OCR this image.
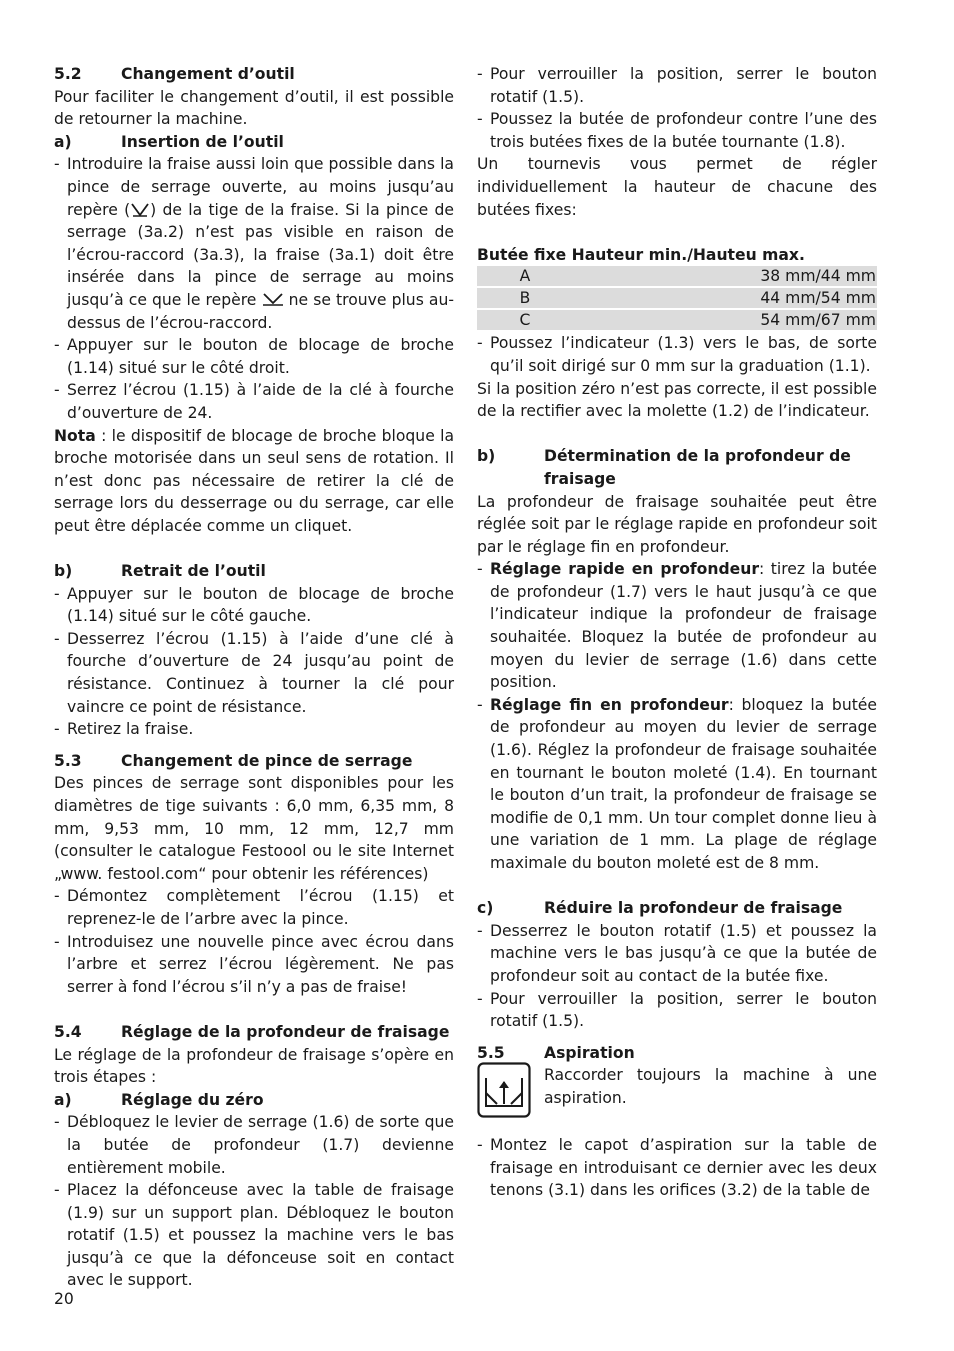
5.2	Changement d’outil

Pour faciliter le changement d’outil, il est possible de retourner la machine.

a)	Insertion de l’outil
- Introduire la fraise aussi loin que possible dans la pince de serrage ouverte, au moins jusqu’au repère ( ) de la tige de la fraise. Si la pince de serrage (3a.2) n’est pas visible en raison de l’écrou-raccord (3a.3), la fraise (3a.1) doit être insérée dans la pince de serrage au moins jusqu’à ce que le repère  ne se trouve plus au-dessus de l’écrou-raccord.
- Appuyer sur le bouton de blocage de broche (1.14) situé sur le côté droit.
- Serrez l’écrou (1.15) à l’aide de la clé à fourche d’ouverture de 24.

Nota : le dispositif de blocage de broche bloque la broche motorisée dans un seul sens de rotation. Il n’est donc pas nécessaire de retirer la clé de serrage lors du desserrage ou du serrage, car elle peut être déplacée comme un cliquet.

b)	Retrait de l’outil
- Appuyer sur le bouton de blocage de broche (1.14) situé sur le côté gauche.
- Desserrez l’écrou (1.15) à l’aide d’une clé à fourche d’ouverture de 24 jusqu’au point de résistance. Continuez à tourner la clé pour vaincre ce point de résistance.
- Retirez la fraise.
5.3	Changement de pince de serrage

Des pinces de serrage sont disponibles pour les diamètres de tige suivants : 6,0 mm, 6,35 mm, 8 mm, 9,53 mm, 10 mm, 12 mm, 12,7 mm (consulter le catalogue Festoool ou le site Internet „www. festool.com“ pour obtenir les références)

- Démontez complètement l’écrou (1.15) et reprenez-le de l’arbre avec la pince.
- Introduisez une nouvelle pince avec écrou dans l’arbre et serrez l’écrou légèrement. Ne pas serrer à fond l’écrou s’il n’y a pas de fraise!
5.4	Réglage de la profondeur de fraisage

Le réglage de la profondeur de fraisage s’opère en trois étapes :

a)	Réglage du zéro
- Débloquez le levier de serrage (1.6) de sorte que la butée de profondeur (1.7) devienne entièrement mobile.
- Placez la défonceuse avec la table de fraisage (1.9) sur un support plan. Débloquez le bouton rotatif (1.5) et poussez la machine vers le bas jusqu’à ce que la défonceuse soit en contact avec le support.
- Pour verrouiller la position, serrer le bouton rotatif (1.5).
- Poussez la butée de profondeur contre l’une des trois butées fixes de la butée tournante (1.8).

Un tournevis vous permet de régler individuellement la hauteur de chacune des butées fixes:

Butée fixe Hauteur min./Hauteu max.

A	38 mm/44 mm
B	44 mm/54 mm
C	54 mm/67 mm
- Poussez l’indicateur (1.3) vers le bas, de sorte qu’il soit dirigé sur 0 mm sur la graduation (1.1).

Si la position zéro n’est pas correcte, il est possible de la rectifier avec la molette (1.2) de l’indicateur.

b)	Détermination de la profondeur de fraisage

La profondeur de fraisage souhaitée peut être réglée soit par le réglage rapide en profondeur soit par le réglage fin en profondeur.

- Réglage rapide en profondeur: tirez la butée de profondeur (1.7) vers le haut jusqu’à ce que l’indicateur indique la profondeur de fraisage souhaitée. Bloquez la butée de profondeur au moyen du levier de serrage (1.6) dans cette position.
- Réglage fin en profondeur: bloquez la butée de profondeur au moyen du levier de serrage (1.6). Réglez la profondeur de fraisage souhaitée en tournant le bouton moleté (1.4). En tournant le bouton d’un trait, la profondeur de fraisage se modifie de 0,1 mm. Un tour complet donne lieu à une variation de 1 mm. La plage de réglage maximale du bouton moleté est de 8 mm.
c)	Réduire la profondeur de fraisage
- Desserrez le bouton rotatif (1.5) et poussez la machine vers le bas jusqu’à ce que la butée de profondeur soit au contact de la butée fixe.
- Pour verrouiller la position, serrer le bouton rotatif (1.5).
5.5	Aspiration

Raccorder toujours la machine à une aspiration.

- Montez le capot d’aspiration sur la table de fraisage en introduisant ce dernier avec les deux tenons (3.1) dans les orifices (3.2) de la table de
20
